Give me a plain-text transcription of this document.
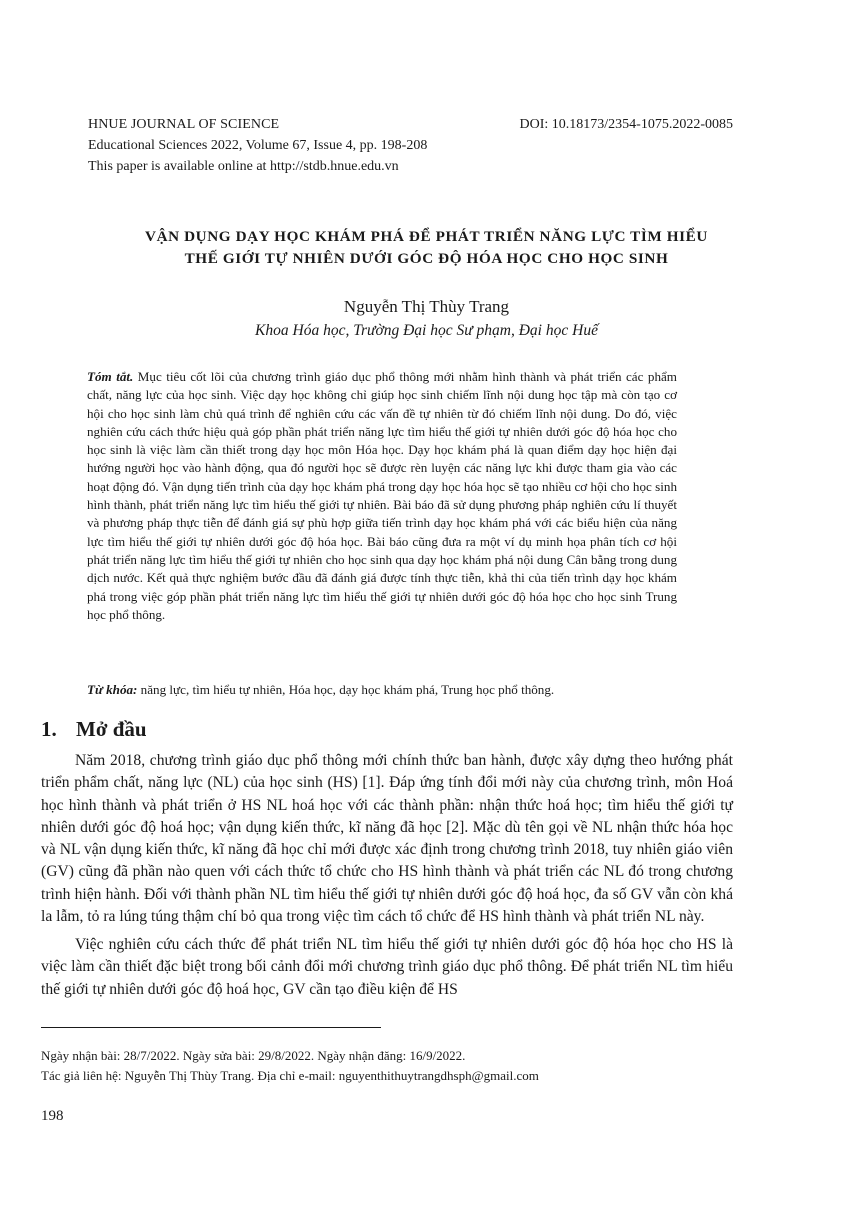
HNUE JOURNAL OF SCIENCE	DOI: 10.18173/2354-1075.2022-0085
Educational Sciences 2022, Volume 67, Issue 4, pp. 198-208
This paper is available online at http://stdb.hnue.edu.vn
VẬN DỤNG DẠY HỌC KHÁM PHÁ ĐỂ PHÁT TRIỂN NĂNG LỰC TÌM HIỂU
THẾ GIỚI TỰ NHIÊN DƯỚI GÓC ĐỘ HÓA HỌC CHO HỌC SINH
Nguyễn Thị Thùy Trang
Khoa Hóa học, Trường Đại học Sư phạm, Đại học Huế
Tóm tắt. Mục tiêu cốt lõi của chương trình giáo dục phổ thông mới nhằm hình thành và phát triển các phẩm chất, năng lực của học sinh. Việc dạy học không chỉ giúp học sinh chiếm lĩnh nội dung học tập mà còn tạo cơ hội cho học sinh làm chủ quá trình để nghiên cứu các vấn đề tự nhiên từ đó chiếm lĩnh nội dung. Do đó, việc nghiên cứu cách thức hiệu quả góp phần phát triển năng lực tìm hiểu thế giới tự nhiên dưới góc độ hóa học cho học sinh là việc làm cần thiết trong dạy học môn Hóa học. Dạy học khám phá là quan điểm dạy học hiện đại hướng người học vào hành động, qua đó người học sẽ được rèn luyện các năng lực khi được tham gia vào các hoạt động đó. Vận dụng tiến trình của dạy học khám phá trong dạy học hóa học sẽ tạo nhiều cơ hội cho học sinh hình thành, phát triển năng lực tìm hiểu thế giới tự nhiên. Bài báo đã sử dụng phương pháp nghiên cứu lí thuyết và phương pháp thực tiễn để đánh giá sự phù hợp giữa tiến trình dạy học khám phá với các biểu hiện của năng lực tìm hiểu thế giới tự nhiên dưới góc độ hóa học. Bài báo cũng đưa ra một ví dụ minh họa phân tích cơ hội phát triển năng lực tìm hiểu thế giới tự nhiên cho học sinh qua dạy học khám phá nội dung Cân bằng trong dung dịch nước. Kết quả thực nghiệm bước đầu đã đánh giá được tính thực tiễn, khả thi của tiến trình dạy học khám phá trong việc góp phần phát triển năng lực tìm hiểu thế giới tự nhiên dưới góc độ hóa học cho học sinh Trung học phổ thông.
Từ khóa: năng lực, tìm hiểu tự nhiên, Hóa học, dạy học khám phá, Trung học phổ thông.
1. Mở đầu
Năm 2018, chương trình giáo dục phổ thông mới chính thức ban hành, được xây dựng theo hướng phát triển phẩm chất, năng lực (NL) của học sinh (HS) [1]. Đáp ứng tính đổi mới này của chương trình, môn Hoá học hình thành và phát triển ở HS NL hoá học với các thành phần: nhận thức hoá học; tìm hiểu thế giới tự nhiên dưới góc độ hoá học; vận dụng kiến thức, kĩ năng đã học [2]. Mặc dù tên gọi về NL nhận thức hóa học và NL vận dụng kiến thức, kĩ năng đã học chỉ mới được xác định trong chương trình 2018, tuy nhiên giáo viên (GV) cũng đã phần nào quen với cách thức tổ chức cho HS hình thành và phát triển các NL đó trong chương trình hiện hành. Đối với thành phần NL tìm hiểu thế giới tự nhiên dưới góc độ hoá học, đa số GV vẫn còn khá la lẫm, tỏ ra lúng túng thậm chí bỏ qua trong việc tìm cách tổ chức để HS hình thành và phát triển NL này.
Việc nghiên cứu cách thức để phát triển NL tìm hiểu thế giới tự nhiên dưới góc độ hóa học cho HS là việc làm cần thiết đặc biệt trong bối cảnh đổi mới chương trình giáo dục phổ thông. Để phát triển NL tìm hiểu thế giới tự nhiên dưới góc độ hoá học, GV cần tạo điều kiện để HS
Ngày nhận bài: 28/7/2022. Ngày sửa bài: 29/8/2022. Ngày nhận đăng: 16/9/2022.
Tác giả liên hệ: Nguyễn Thị Thùy Trang. Địa chỉ e-mail: nguyenthithuytrangdhsph@gmail.com
198
